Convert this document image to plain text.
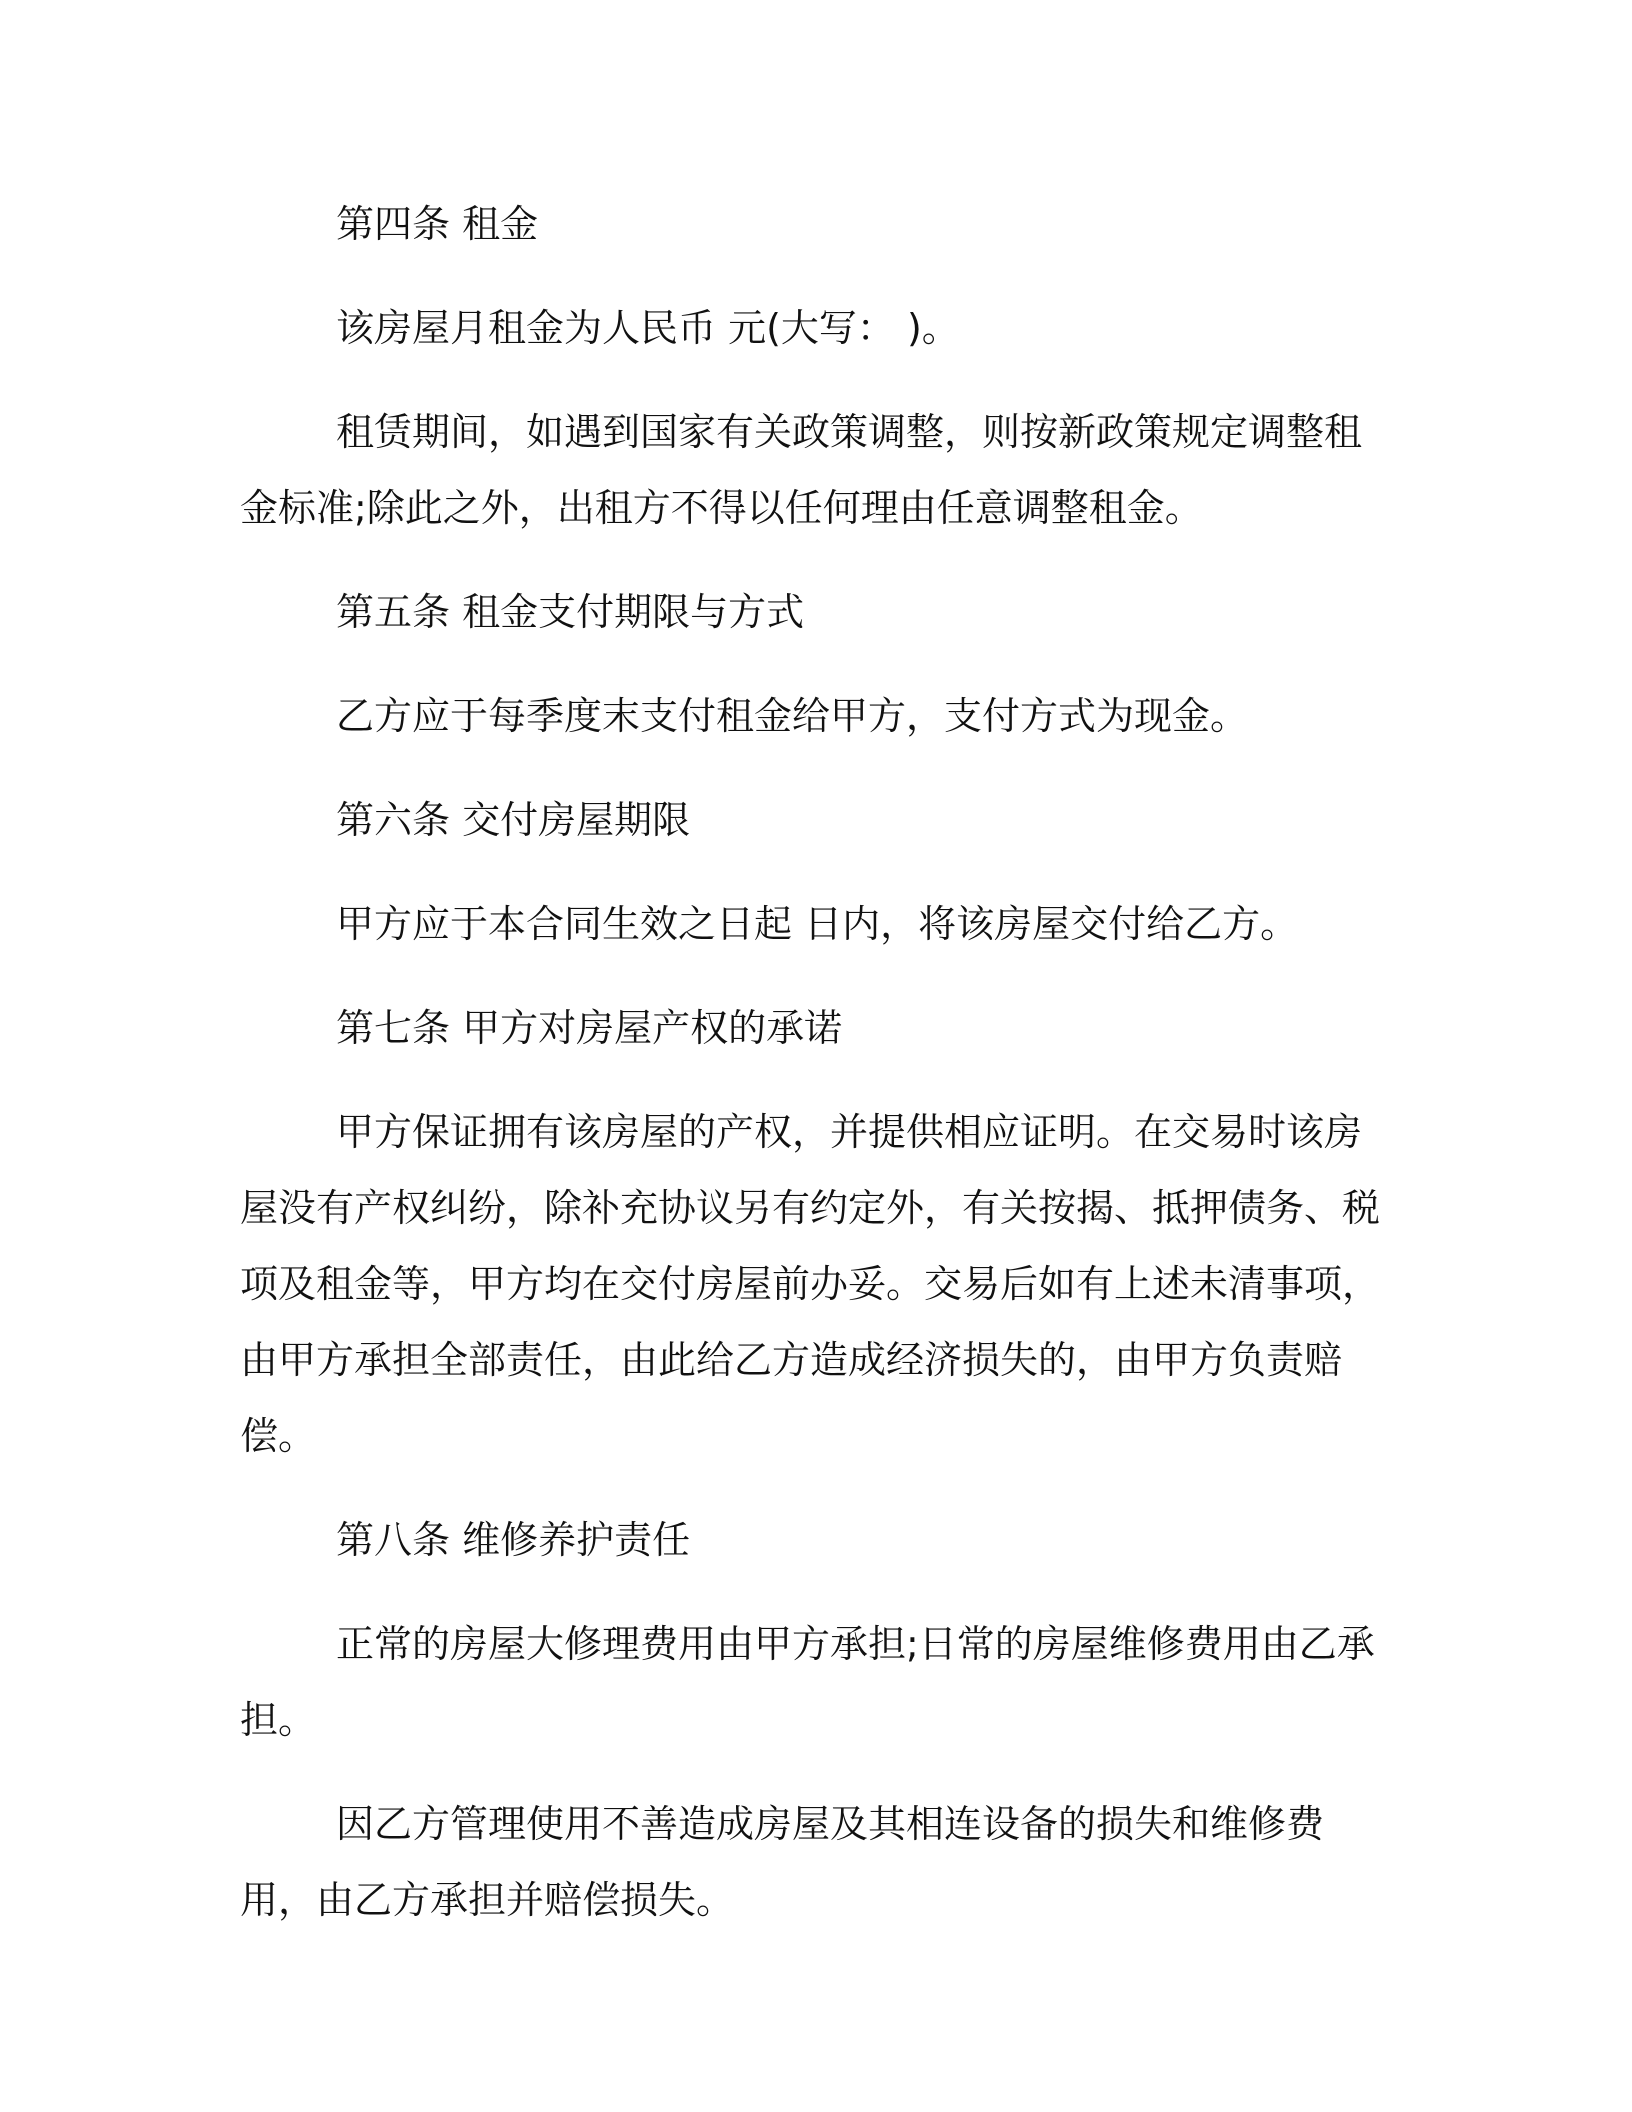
第四条 租金

该房屋月租金为人民币 元(大写： )。

租赁期间，如遇到国家有关政策调整，则按新政策规定调整租金标准;除此之外，出租方不得以任何理由任意调整租金。

第五条 租金支付期限与方式

乙方应于每季度末支付租金给甲方，支付方式为现金。

第六条 交付房屋期限

甲方应于本合同生效之日起 日内，将该房屋交付给乙方。

第七条 甲方对房屋产权的承诺

甲方保证拥有该房屋的产权，并提供相应证明。在交易时该房屋没有产权纠纷，除补充协议另有约定外，有关按揭、抵押债务、税项及租金等，甲方均在交付房屋前办妥。交易后如有上述未清事项，由甲方承担全部责任，由此给乙方造成经济损失的，由甲方负责赔偿。

第八条 维修养护责任

正常的房屋大修理费用由甲方承担;日常的房屋维修费用由乙承担。

因乙方管理使用不善造成房屋及其相连设备的损失和维修费用，由乙方承担并赔偿损失。
